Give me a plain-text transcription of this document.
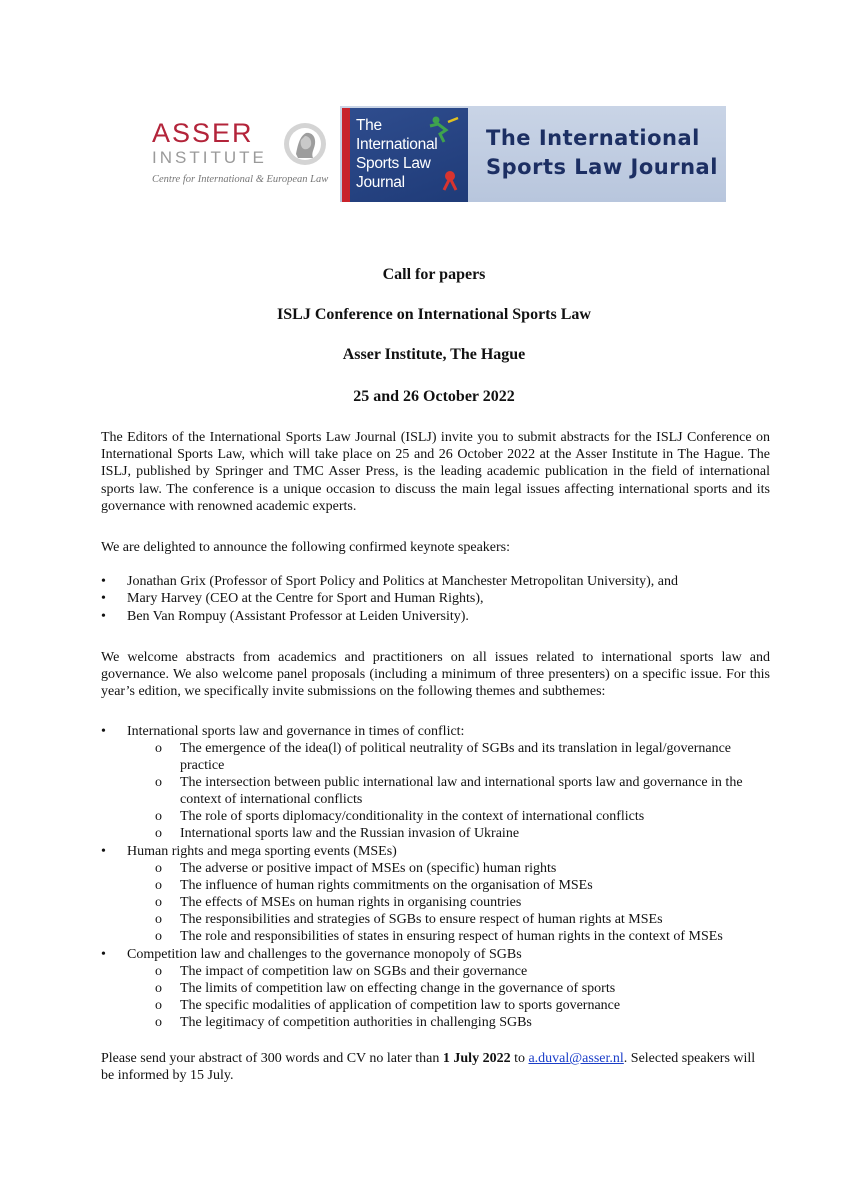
ASSER
INSTITUTE
Centre for International & European Law
The
International
Sports Law
Journal
The International
Sports Law Journal
Call for papers
ISLJ Conference on International Sports Law
Asser Institute, The Hague
25 and 26 October 2022

The Editors of the International Sports Law Journal (ISLJ) invite you to submit abstracts for the ISLJ Conference on International Sports Law, which will take place on 25 and 26 October 2022 at the Asser Institute in The Hague. The ISLJ, published by Springer and TMC Asser Press, is the leading academic publication in the field of international sports law. The conference is a unique occasion to discuss the main legal issues affecting international sports and its governance with renowned academic experts.

We are delighted to announce the following confirmed keynote speakers:

• Jonathan Grix (Professor of Sport Policy and Politics at Manchester Metropolitan University), and
• Mary Harvey (CEO at the Centre for Sport and Human Rights),
• Ben Van Rompuy (Assistant Professor at Leiden University).

We welcome abstracts from academics and practitioners on all issues related to international sports law and governance. We also welcome panel proposals (including a minimum of three presenters) on a specific issue. For this year’s edition, we specifically invite submissions on the following themes and subthemes:

• International sports law and governance in times of conflict:
o The emergence of the idea(l) of political neutrality of SGBs and its translation in legal/governance practice
o The intersection between public international law and international sports law and governance in the context of international conflicts
o The role of sports diplomacy/conditionality in the context of international conflicts
o International sports law and the Russian invasion of Ukraine
• Human rights and mega sporting events (MSEs)
o The adverse or positive impact of MSEs on (specific) human rights
o The influence of human rights commitments on the organisation of MSEs
o The effects of MSEs on human rights in organising countries
o The responsibilities and strategies of SGBs to ensure respect of human rights at MSEs
o The role and responsibilities of states in ensuring respect of human rights in the context of MSEs
• Competition law and challenges to the governance monopoly of SGBs
o The impact of competition law on SGBs and their governance
o The limits of competition law on effecting change in the governance of sports
o The specific modalities of application of competition law to sports governance
o The legitimacy of competition authorities in challenging SGBs

Please send your abstract of 300 words and CV no later than 1 July 2022 to a.duval@asser.nl. Selected speakers will be informed by 15 July.
